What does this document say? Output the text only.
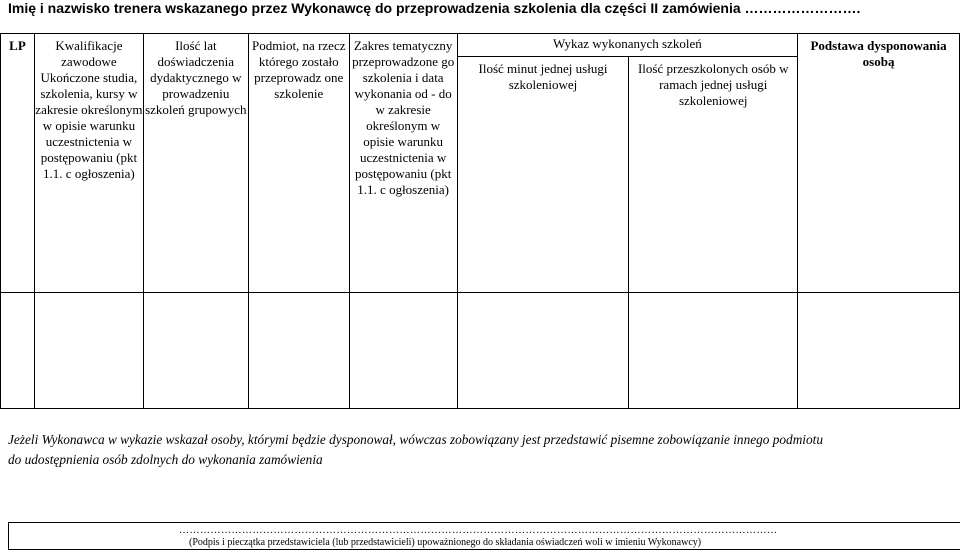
Imię i nazwisko trenera wskazanego przez Wykonawcę do przeprowadzenia szkolenia dla części II zamówienia …………………….
LP	Kwalifikacje zawodowe Ukończone studia, szkolenia, kursy w zakresie określonym w opisie warunku uczestnictenia w postępowaniu (pkt 1.1. c ogłoszenia)	Ilość lat doświadczenia dydaktycznego w prowadzeniu szkoleń grupowych	Podmiot, na rzecz którego zostało przeprowadz one szkolenie	Zakres tematyczny przeprowadzone go szkolenia i data wykonania od - do w zakresie określonym w opisie warunku uczestnictenia w postępowaniu (pkt 1.1. c ogłoszenia)	Wykaz wykonanych szkoleń		Podstawa dysponowania osobą
					Ilość minut jednej usługi szkoleniowej	Ilość przeszkolonych osób w ramach jednej usługi szkoleniowej	

Jeżeli Wykonawca w wykazie wskazał osoby, którymi będzie dysponował, wówczas zobowiązany jest przedstawić pisemne zobowiązanie innego podmiotu
do udostępnienia osób zdolnych do wykonania zamówienia
………………………………………………………………………………………………………………………………………………………
(Podpis i pieczątka przedstawiciela (lub przedstawicieli) upoważnionego do składania oświadczeń woli w imieniu Wykonawcy)
